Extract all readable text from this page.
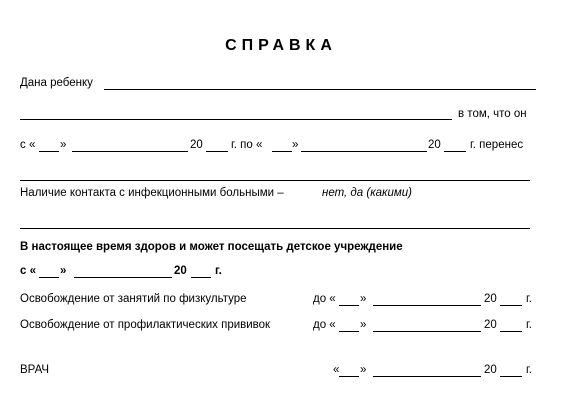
СПРАВКА
Дана ребенку
в том, что он
с « »	20 г. по «	»	20	г. перенес
Наличие контакта с инфекционными больными –	нет, да (какими)
В настоящее время здоров и может посещать детское учреждение
с « »	20 г.
Освобождение от занятий по физкультуре	до « »	20	г.
Освобождение от профилактических прививок	до « »	20	г.
ВРАЧ	« »	20	г.
